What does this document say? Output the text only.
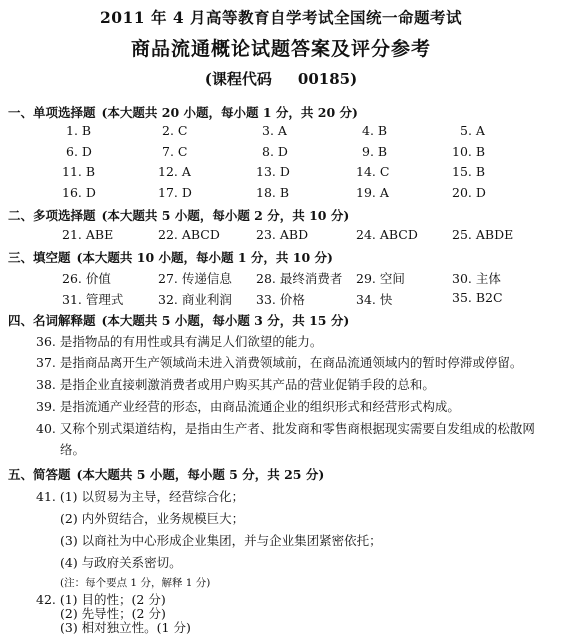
2011 年 4 月高等教育自学考试全国统一命题考试
商品流通概论试题答案及评分参考
(课程代码 00185)
一、单项选择题 (本大题共 20 小题，每小题 1 分，共 20 分)
1. B	2. C	3. A	4. B	5. A
6. D	7. C	8. D	9. B	10. B
11. B	12. A	13. D	14. C	15. B
16. D	17. D	18. B	19. A	20. D
二、多项选择题 (本大题共 5 小题，每小题 2 分，共 10 分)
21. ABE	22. ABCD	23. ABD	24. ABCD	25. ABDE
三、填空题 (本大题共 10 小题，每小题 1 分，共 10 分)
26. 价值	27. 传递信息 28. 最终消费者 29. 空间	30. 主体
31. 管理式	32. 商业利润 33. 价格	34. 快	35. B2C
四、名词解释题 (本大题共 5 小题，每小题 3 分，共 15 分)
36. 是指物品的有用性或具有满足人们欲望的能力。
37. 是指商品离开生产领域尚未进入消费领域前，在商品流通领域内的暂时停滞或停留。
38. 是指企业直接刺激消费者或用户购买其产品的营业促销手段的总和。
39. 是指流通产业经营的形态，由商品流通企业的组织形式和经营形式构成。
40. 又称个别式渠道结构，是指由生产者、批发商和零售商根据现实需要自发组成的松散网
络。
五、简答题 (本大题共 5 小题，每小题 5 分，共 25 分)
41. (1) 以贸易为主导，经营综合化；
(2) 内外贸结合，业务规模巨大；
(3) 以商社为中心形成企业集团，并与企业集团紧密依托；
(4) 与政府关系密切。
(注：每个要点 1 分，解释 1 分)
42. (1) 目的性；(2 分)
(2) 先导性；(2 分)
(3) 相对独立性。(1 分)
